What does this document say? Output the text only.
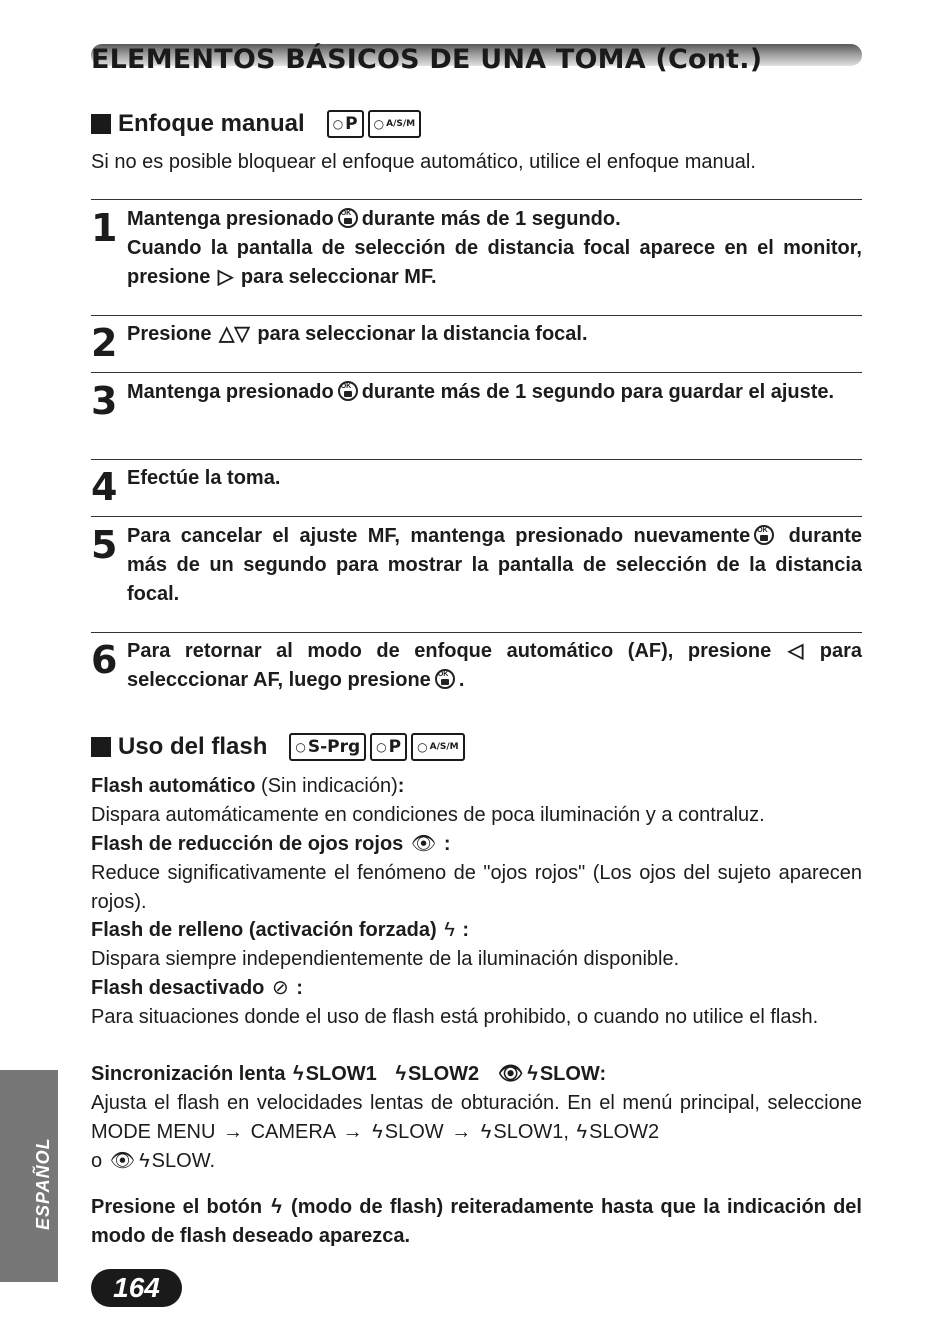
ELEMENTOS BÁSICOS DE UNA TOMA (Cont.)
Enfoque manual ○ P ○ A/S/M

Si no es posible bloquear el enfoque automático, utilice el enfoque manual.

1 Mantenga presionado OK durante más de 1 segundo.
Cuando la pantalla de selección de distancia focal aparece en el monitor, presione ▷ para seleccionar MF.

2 Presione △▽ para seleccionar la distancia focal.

3 Mantenga presionado OK durante más de 1 segundo para guardar el ajuste.

4 Efectúe la toma.

5 Para cancelar el ajuste MF, mantenga presionado nuevamente OK durante más de un segundo para mostrar la pantalla de selección de la distancia focal.

6 Para retornar al modo de enfoque automático (AF), presione ◁ para selecccionar AF, luego presione OK .

Uso del flash ○ S-Prg ○ P ○ A/S/M

Flash automático (Sin indicación):

Dispara automáticamente en condiciones de poca iluminación y a contraluz.

Flash de reducción de ojos rojos 👁 :

Reduce significativamente el fenómeno de "ojos rojos" (Los ojos del sujeto aparecen rojos).

Flash de relleno (activación forzada) ϟ :

Dispara siempre independientemente de la iluminación disponible.

Flash desactivado ⊘ :

Para situaciones donde el uso de flash está prohibido, o cuando no utilice el flash.

Sincronización lenta ϟ SLOW1 ϟ SLOW2 👁 ϟ SLOW:

Ajusta el flash en velocidades lentas de obturación. En el menú principal, seleccione MODE MENU → CAMERA → ϟ SLOW → ϟ SLOW1, ϟ SLOW2
o 👁 ϟ SLOW.

Presione el botón ϟ (modo de flash) reiteradamente hasta que la indicación del modo de flash deseado aparezca.

ESPAÑOL
164
